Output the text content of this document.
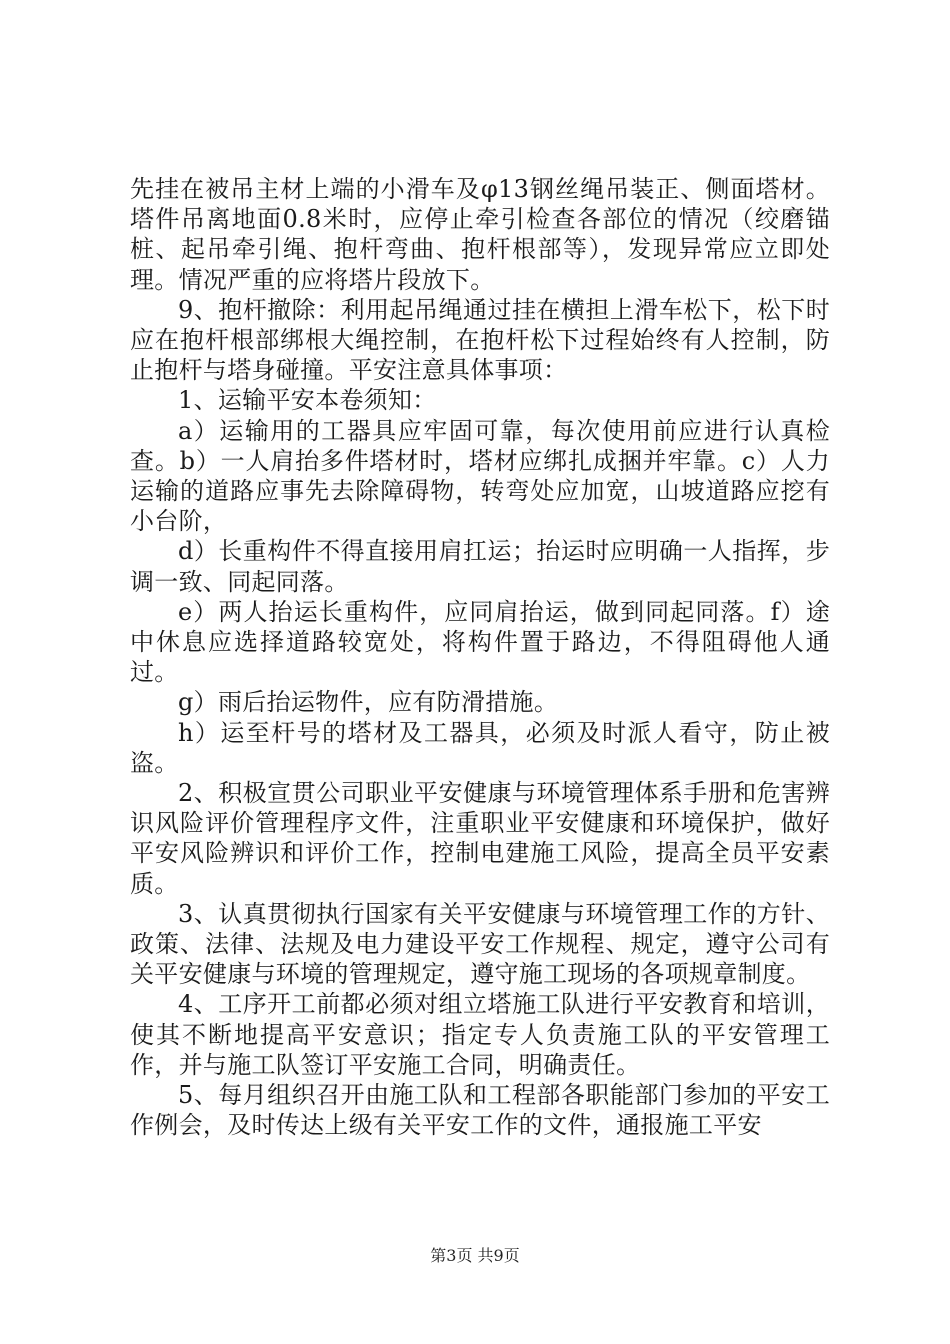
先挂在被吊主材上端的小滑车及φ13钢丝绳吊装正、侧面塔材。塔件吊离地面0.8米时，应停止牵引检查各部位的情况（绞磨锚桩、起吊牵引绳、抱杆弯曲、抱杆根部等），发现异常应立即处理。情况严重的应将塔片段放下。

9、抱杆撤除：利用起吊绳通过挂在横担上滑车松下，松下时应在抱杆根部绑根大绳控制，在抱杆松下过程始终有人控制，防止抱杆与塔身碰撞。平安注意具体事项：

1、运输平安本卷须知：

a）运输用的工器具应牢固可靠，每次使用前应进行认真检查。b）一人肩抬多件塔材时，塔材应绑扎成捆并牢靠。c）人力运输的道路应事先去除障碍物，转弯处应加宽，山坡道路应挖有小台阶，

d）长重构件不得直接用肩扛运；抬运时应明确一人指挥，步调一致、同起同落。

e）两人抬运长重构件，应同肩抬运，做到同起同落。f）途中休息应选择道路较宽处，将构件置于路边，不得阻碍他人通过。

g）雨后抬运物件，应有防滑措施。

h）运至杆号的塔材及工器具，必须及时派人看守，防止被盗。

2、积极宣贯公司职业平安健康与环境管理体系手册和危害辨识风险评价管理程序文件，注重职业平安健康和环境保护，做好平安风险辨识和评价工作，控制电建施工风险，提高全员平安素质。

3、认真贯彻执行国家有关平安健康与环境管理工作的方针、政策、法律、法规及电力建设平安工作规程、规定，遵守公司有关平安健康与环境的管理规定，遵守施工现场的各项规章制度。

4、工序开工前都必须对组立塔施工队进行平安教育和培训，使其不断地提高平安意识；指定专人负责施工队的平安管理工作，并与施工队签订平安施工合同，明确责任。

5、每月组织召开由施工队和工程部各职能部门参加的平安工作例会，及时传达上级有关平安工作的文件，通报施工平安

第3页 共9页
